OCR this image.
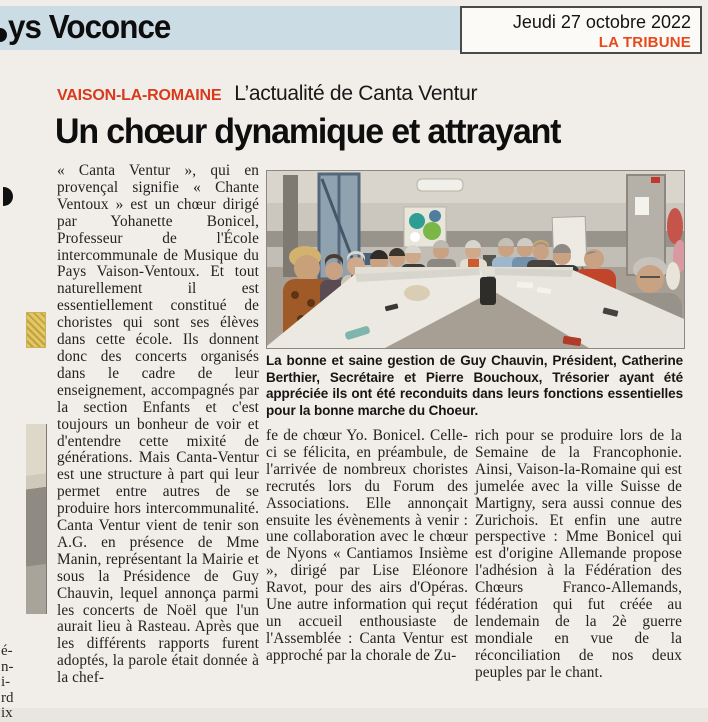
ys Voconce	Jeudi 27 octobre 2022
LA TRIBUNE
VAISON-LA-ROMAINE L’actualité de Canta Ventur
Un chœur dynamique et attrayant
« Canta Ventur », qui en provençal signifie « Chante Ventoux » est un chœur dirigé par Yohanette Bonicel, Professeur de l'École intercommunale de Musique du Pays Vaison-Ventoux. Et tout naturellement il est essentiellement constitué de choristes qui sont ses élèves dans cette école. Ils donnent donc des concerts organisés dans le cadre de leur enseignement, accompagnés par la section Enfants et c'est toujours un bonheur de voir et d'entendre cette mixité de générations. Mais Canta-Ventur est une structure à part qui leur permet entre autres de se produire hors intercommunalité. Canta Ventur vient de tenir son A.G. en présence de Mme Manin, représentant la Mairie et sous la Présidence de Guy Chauvin, lequel annonça parmi les concerts de Noël que l'un aurait lieu à Rasteau. Après que les différents rapports furent adoptés, la parole était donnée à la chef-
La bonne et saine gestion de Guy Chauvin, Président, Catherine Berthier, Secrétaire et Pierre Bouchoux, Trésorier ayant été appréciée ils ont été reconduits dans leurs fonctions essentielles pour la bonne marche du Choeur.
fe de chœur Yo. Bonicel. Celle-ci se félicita, en préambule, de l'arrivée de nombreux choristes recrutés lors du Forum des Associations. Elle annonçait ensuite les évènements à venir : une collaboration avec le chœur de Nyons « Cantiamos Insième », dirigé par Lise Eléonore Ravot, pour des airs d'Opéras. Une autre information qui reçut un accueil enthousiaste de l'Assemblée : Canta Ventur est approché par la chorale de Zu-
rich pour se produire lors de la Semaine de la Francophonie. Ainsi, Vaison-la-Romaine qui est jumelée avec la ville Suisse de Martigny, sera aussi connue des Zurichois. Et enfin une autre perspective : Mme Bonicel qui est d'origine Allemande propose l'adhésion à la Fédération des Chœurs Franco-Allemands, fédération qui fut créée au lendemain de la 2è guerre mondiale en vue de la réconciliation de nos deux peuples par le chant.
é-
n-
i-
rd
ix
